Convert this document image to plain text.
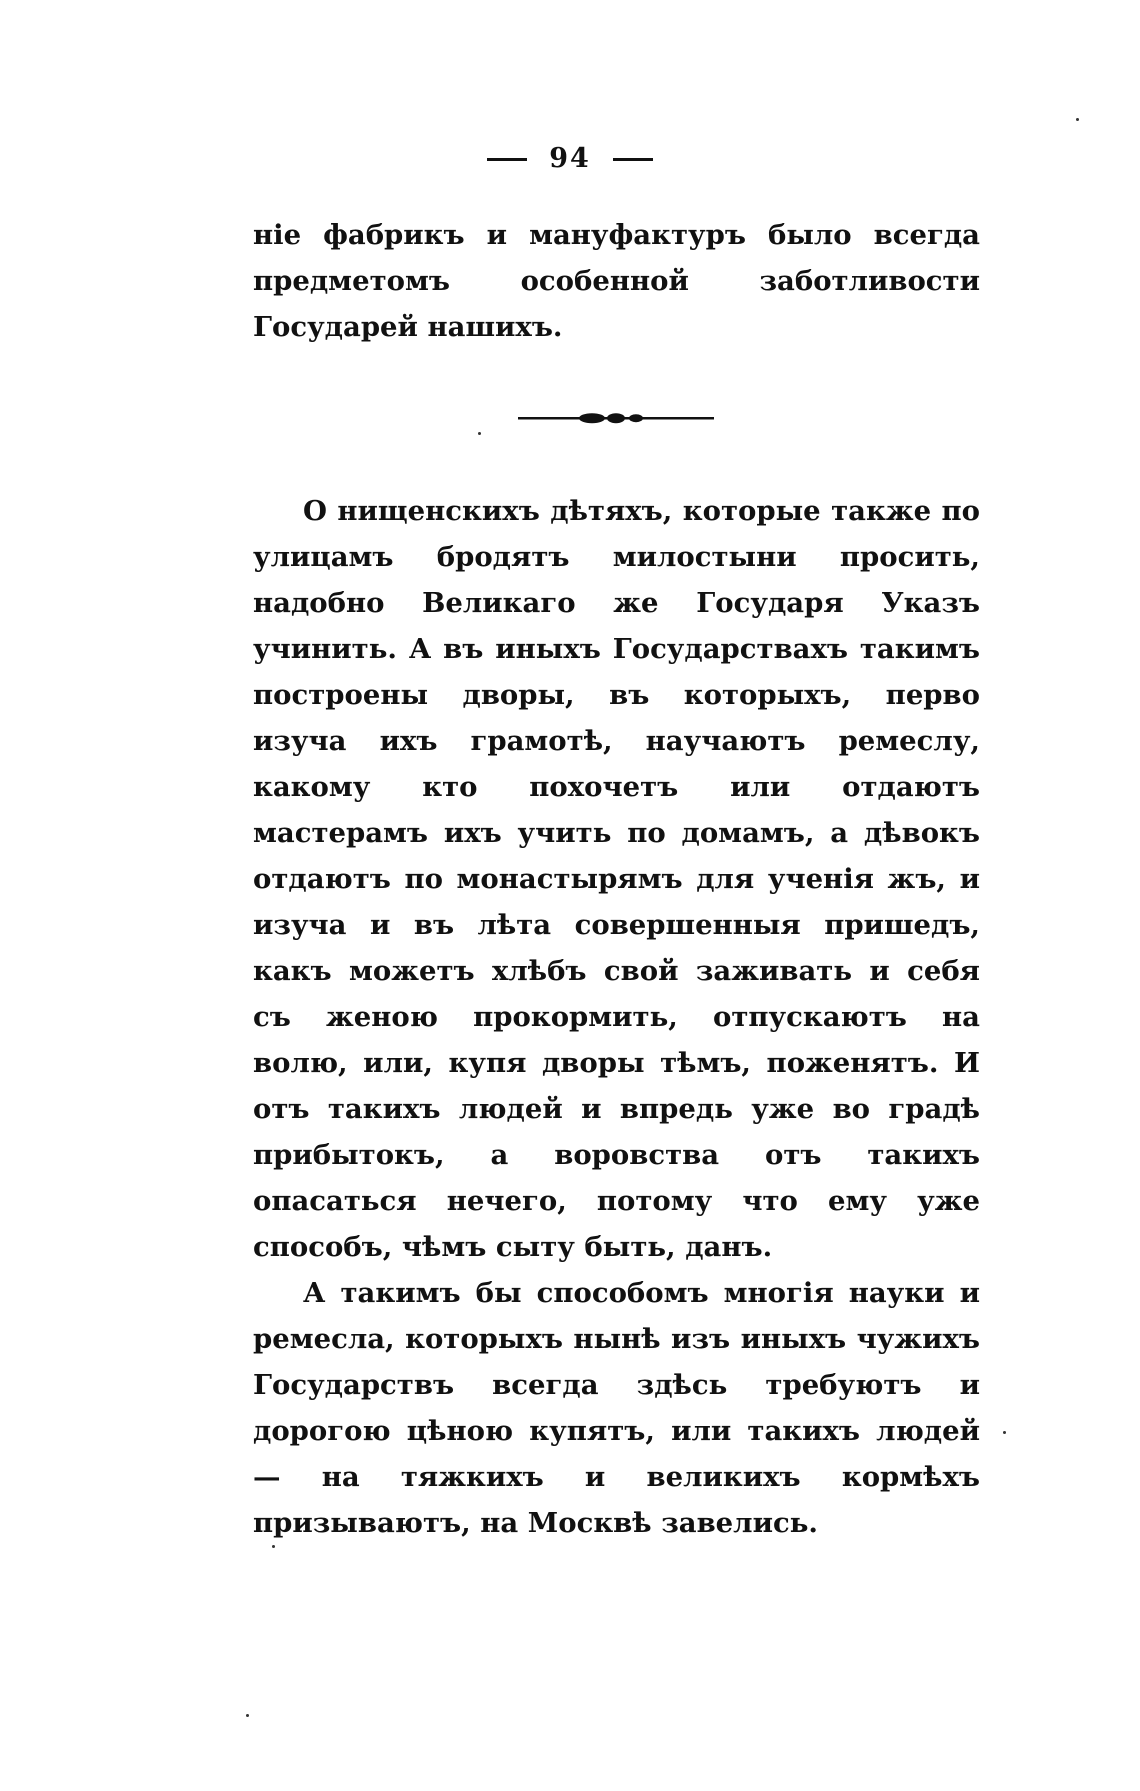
94

ніе фабрикъ и мануфактуръ было всегда предметомъ особенной заботливости Государей нашихъ.

О нищенскихъ дѣтяхъ, которые также по улицамъ бродятъ милостыни просить, надобно Великаго же Государя Указъ учинить. А въ иныхъ Государствахъ такимъ построены дворы, въ которыхъ, перво изуча ихъ грамотѣ, научаютъ ремеслу, какому кто похочетъ или отдаютъ мастерамъ ихъ учить по домамъ, а дѣвокъ отдаютъ по монастырямъ для ученія жъ, и изуча и въ лѣта совершенныя пришедъ, какъ можетъ хлѣбъ свой заживать и себя съ женою прокормить, отпускаютъ на волю, или, купя дворы тѣмъ, поженятъ. И отъ такихъ людей и впредь уже во градѣ прибытокъ, а воровства отъ такихъ опасаться нечего, потому что ему уже способъ, чѣмъ сыту быть, данъ.

А такимъ бы способомъ многія науки и ремесла, которыхъ нынѣ изъ иныхъ чужихъ Государствъ всегда здѣсь требуютъ и дорогою цѣною купятъ, или такихъ людей — на тяжкихъ и великихъ кормѣхъ призываютъ, на Москвѣ завелись.
